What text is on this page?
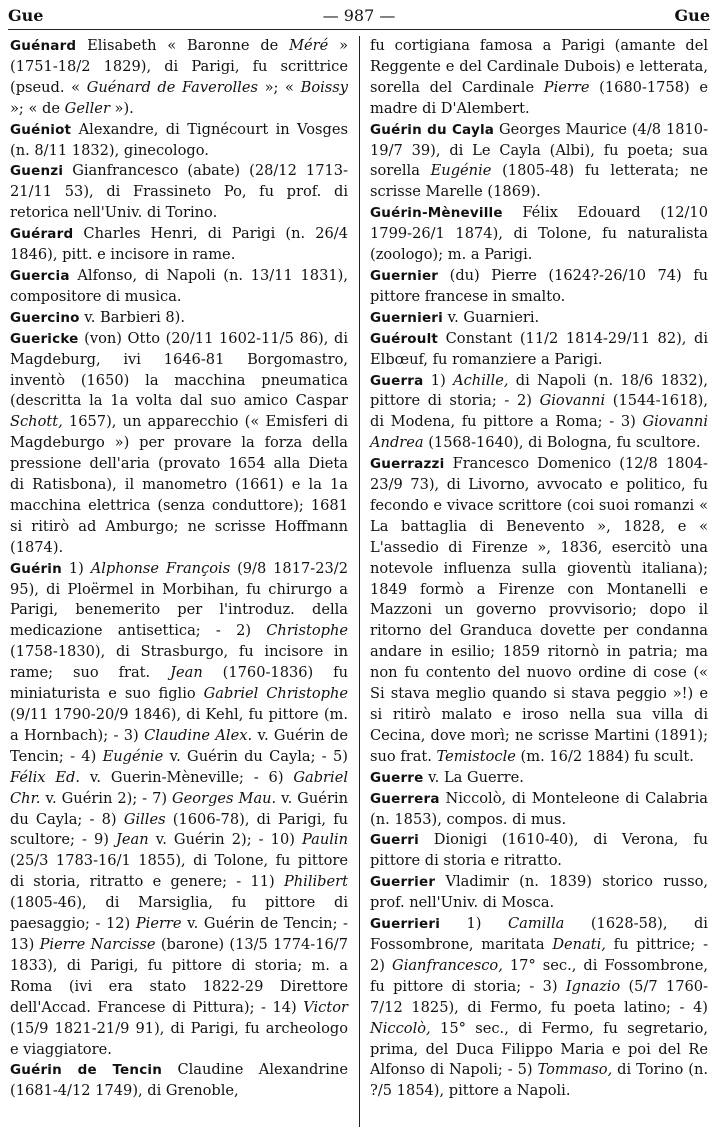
Gue	— 987 —	Gue

Guénard Elisabeth « Baronne de Méré » (1751-18/2 1829), di Parigi, fu scrittrice (pseud. « Guénard de Faverolles »; « Boissy »; « de Geller »).

Guéniot Alexandre, di Tignécourt in Vosges (n. 8/11 1832), ginecologo.

Guenzi Gianfrancesco (abate) (28/12 1713-21/11 53), di Frassineto Po, fu prof. di retorica nell'Univ. di Torino.

Guérard Charles Henri, di Parigi (n. 26/4 1846), pitt. e incisore in rame.

Guercia Alfonso, di Napoli (n. 13/11 1831), compositore di musica.

Guercino v. Barbieri 8).

Guericke (von) Otto (20/11 1602-11/5 86), di Magdeburg, ivi 1646-81 Borgomastro, inventò (1650) la macchina pneumatica (descritta la 1a volta dal suo amico Caspar Schott, 1657), un apparecchio (« Emisferi di Magdeburgo ») per provare la forza della pressione dell'aria (provato 1654 alla Dieta di Ratisbona), il manometro (1661) e la 1a macchina elettrica (senza conduttore); 1681 si ritirò ad Amburgo; ne scrisse Hoffmann (1874).

Guérin 1) Alphonse François (9/8 1817-23/2 95), di Ploërmel in Morbihan, fu chirurgo a Parigi, benemerito per l'introduz. della medicazione antisettica; - 2) Christophe (1758-1830), di Strasburgo, fu incisore in rame; suo frat. Jean (1760-1836) fu miniaturista e suo figlio Gabriel Christophe (9/11 1790-20/9 1846), di Kehl, fu pittore (m. a Hornbach); - 3) Claudine Alex. v. Guérin de Tencin; - 4) Eugénie v. Guérin du Cayla; - 5) Félix Ed. v. Guerin-Mèneville; - 6) Gabriel Chr. v. Guérin 2); - 7) Georges Mau. v. Guérin du Cayla; - 8) Gilles (1606-78), di Parigi, fu scultore; - 9) Jean v. Guérin 2); - 10) Paulin (25/3 1783-16/1 1855), di Tolone, fu pittore di storia, ritratto e genere; - 11) Philibert (1805-46), di Marsiglia, fu pittore di paesaggio; - 12) Pierre v. Guérin de Tencin; - 13) Pierre Narcisse (barone) (13/5 1774-16/7 1833), di Parigi, fu pittore di storia; m. a Roma (ivi era stato 1822-29 Direttore dell'Accad. Francese di Pittura); - 14) Victor (15/9 1821-21/9 91), di Parigi, fu archeologo e viaggiatore.

Guérin de Tencin Claudine Alexandrine (1681-4/12 1749), di Grenoble,

fu cortigiana famosa a Parigi (amante del Reggente e del Cardinale Dubois) e letterata, sorella del Cardinale Pierre (1680-1758) e madre di D'Alembert.

Guérin du Cayla Georges Maurice (4/8 1810-19/7 39), di Le Cayla (Albi), fu poeta; sua sorella Eugénie (1805-48) fu letterata; ne scrisse Marelle (1869).

Guérin-Mèneville Félix Edouard (12/10 1799-26/1 1874), di Tolone, fu naturalista (zoologo); m. a Parigi.

Guernier (du) Pierre (1624?-26/10 74) fu pittore francese in smalto.

Guernieri v. Guarnieri.

Guéroult Constant (11/2 1814-29/11 82), di Elbœuf, fu romanziere a Parigi.

Guerra 1) Achille, di Napoli (n. 18/6 1832), pittore di storia; - 2) Giovanni (1544-1618), di Modena, fu pittore a Roma; - 3) Giovanni Andrea (1568-1640), di Bologna, fu scultore.

Guerrazzi Francesco Domenico (12/8 1804-23/9 73), di Livorno, avvocato e politico, fu fecondo e vivace scrittore (coi suoi romanzi « La battaglia di Benevento », 1828, e « L'assedio di Firenze », 1836, esercitò una notevole influenza sulla gioventù italiana); 1849 formò a Firenze con Montanelli e Mazzoni un governo provvisorio; dopo il ritorno del Granduca dovette per condanna andare in esilio; 1859 ritornò in patria; ma non fu contento del nuovo ordine di cose (« Si stava meglio quando si stava peggio »!) e si ritirò malato e iroso nella sua villa di Cecina, dove morì; ne scrisse Martini (1891); suo frat. Temistocle (m. 16/2 1884) fu scult.

Guerre v. La Guerre.

Guerrera Niccolò, di Monteleone di Calabria (n. 1853), compos. di mus.

Guerri Dionigi (1610-40), di Verona, fu pittore di storia e ritratto.

Guerrier Vladimir (n. 1839) storico russo, prof. nell'Univ. di Mosca.

Guerrieri 1) Camilla (1628-58), di Fossombrone, maritata Denati, fu pittrice; - 2) Gianfrancesco, 17° sec., di Fossombrone, fu pittore di storia; - 3) Ignazio (5/7 1760-7/12 1825), di Fermo, fu poeta latino; - 4) Niccolò, 15° sec., di Fermo, fu segretario, prima, del Duca Filippo Maria e poi del Re Alfonso di Napoli; - 5) Tommaso, di Torino (n. ?/5 1854), pittore a Napoli.
